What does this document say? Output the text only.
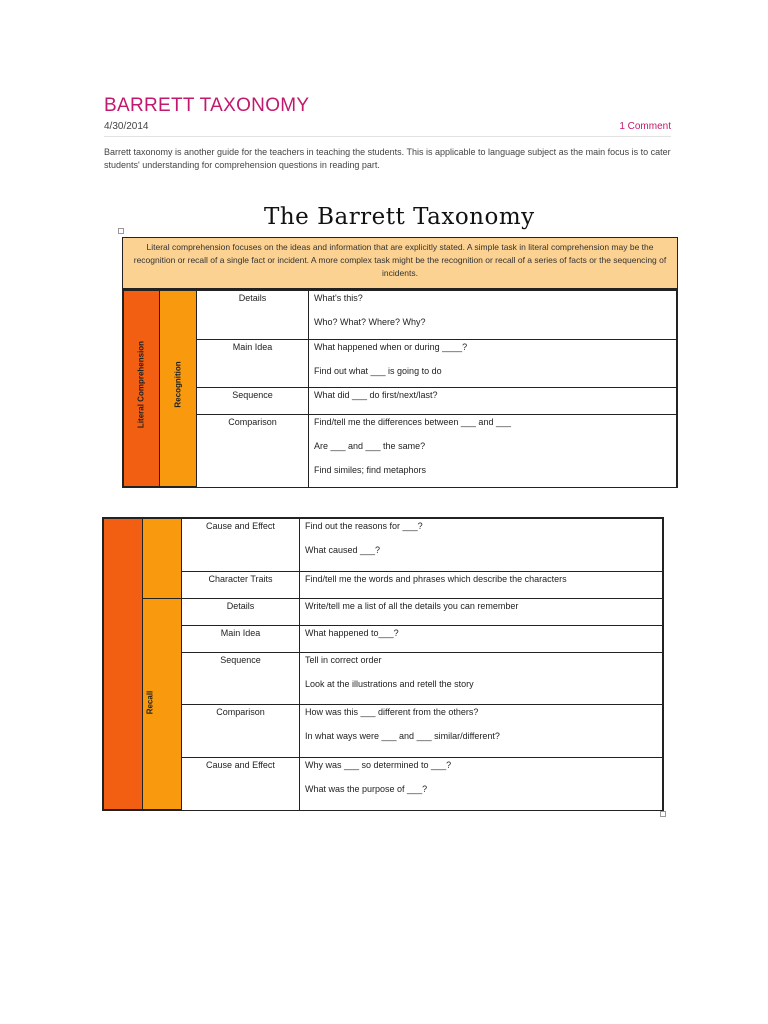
BARRETT TAXONOMY
4/30/2014	1 Comment

Barrett taxonomy is another guide for the teachers in teaching the students. This is applicable to language subject as the main focus is to cater students' understanding for comprehension questions in reading part.

The Barrett Taxonomy
Literal comprehension focuses on the ideas and information that are explicitly stated. A simple task in literal comprehension may be the recognition or recall of a single fact or incident. A more complex task might be the recognition or recall of a series of facts or the sequencing of incidents.
Literal Comprehension	Recognition
Details	What's this?
Who? What? Where? Why?
Main Idea	What happened when or during ____?
Find out what ___ is going to do
Sequence	What did ___ do first/next/last?
Comparison	Find/tell me the differences between ___ and ___
Are ___ and ___ the same?
Find similes; find metaphors
Recall
Cause and Effect	Find out the reasons for ___?
What caused ___?
Character Traits	Find/tell me the words and phrases which describe the characters
Details	Write/tell me a list of all the details you can remember
Main Idea	What happened to___?
Sequence	Tell in correct order
Look at the illustrations and retell the story
Comparison	How was this ___ different from the others?
In what ways were ___ and ___ similar/different?
Cause and Effect	Why was ___ so determined to ___?
What was the purpose of ___?
